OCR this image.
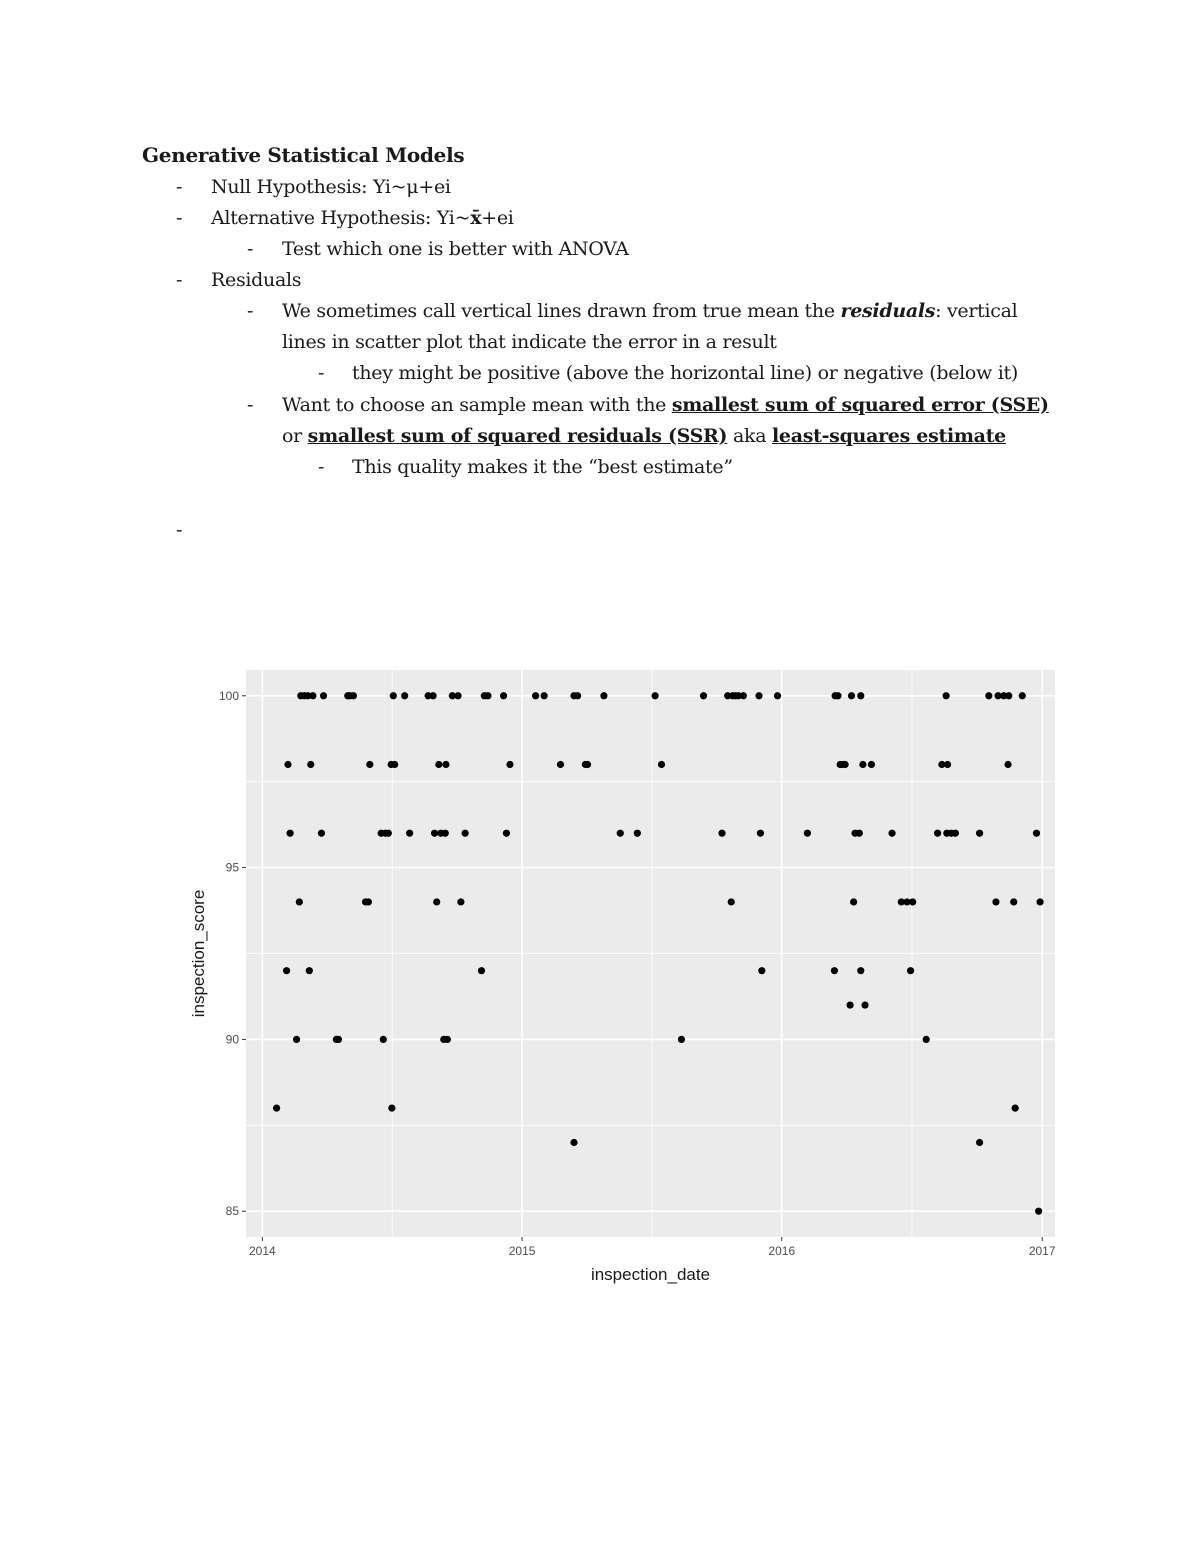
Generative Statistical Models
- Null Hypothesis: Yi~μ+ei
- Alternative Hypothesis: Yi~x̄+ei
- Test which one is better with ANOVA
- Residuals
- We sometimes call vertical lines drawn from true mean the residuals: vertical
lines in scatter plot that indicate the error in a result
- they might be positive (above the horizontal line) or negative (below it)
- Want to choose an sample mean with the smallest sum of squared error (SSE)
or smallest sum of squared residuals (SSR) aka least-squares estimate
- This quality makes it the “best estimate”
-
85
90
95
100
2014	2015	2016	2017
inspection_date
inspection_score
